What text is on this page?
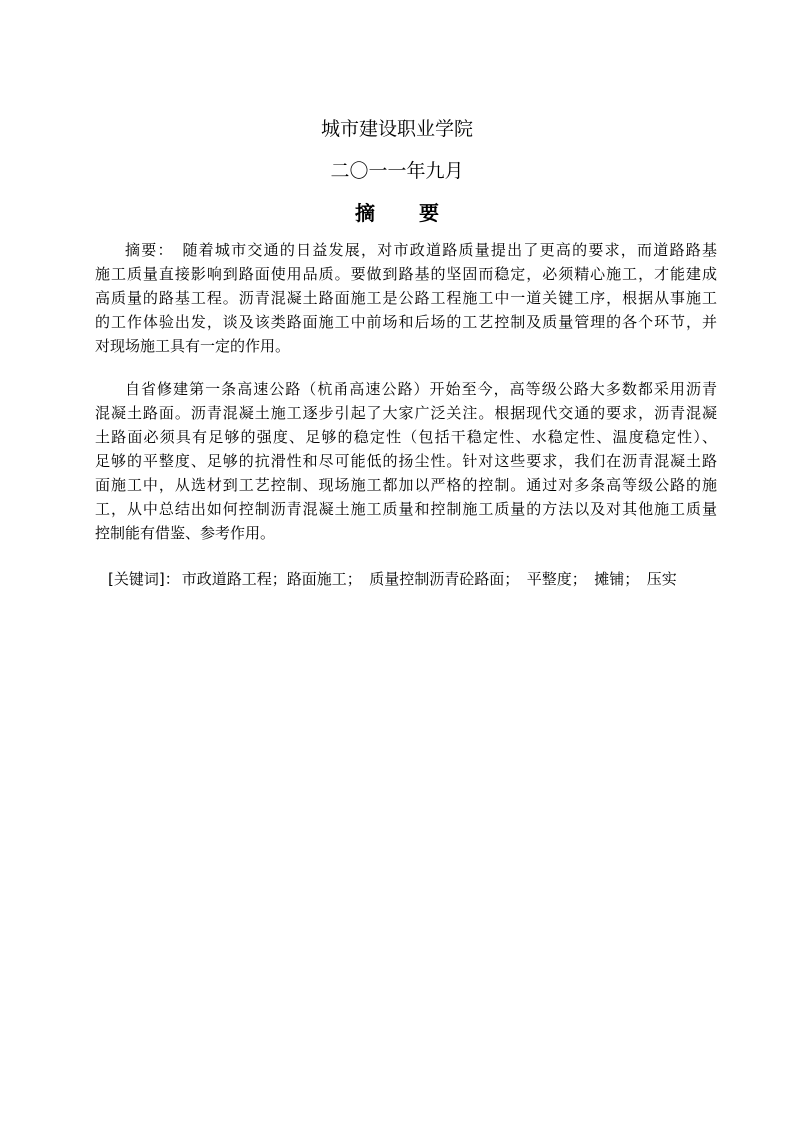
城市建设职业学院
二〇一一年九月
摘 要
摘要：　随着城市交通的日益发展，对市政道路质量提出了更高的要求，而道路路基
施工质量直接影响到路面使用品质。要做到路基的坚固而稳定，必须精心施工，才能建成
高质量的路基工程。沥青混凝土路面施工是公路工程施工中一道关键工序，根据从事施工
的工作体验出发，谈及该类路面施工中前场和后场的工艺控制及质量管理的各个环节，并
对现场施工具有一定的作用。
自省修建第一条高速公路（杭甬高速公路）开始至今，高等级公路大多数都采用沥青
混凝土路面。沥青混凝土施工逐步引起了大家广泛关注。根据现代交通的要求，沥青混凝
土路面必须具有足够的强度、足够的稳定性（包括干稳定性、水稳定性、温度稳定性）、
足够的平整度、足够的抗滑性和尽可能低的扬尘性。针对这些要求，我们在沥青混凝土路
面施工中，从选材到工艺控制、现场施工都加以严格的控制。通过对多条高等级公路的施
工，从中总结出如何控制沥青混凝土施工质量和控制施工质量的方法以及对其他施工质量
控制能有借鉴、参考作用。
[关键词]： 市政道路工程；路面施工；　质量控制沥青砼路面；　平整度；　摊铺；　压实
